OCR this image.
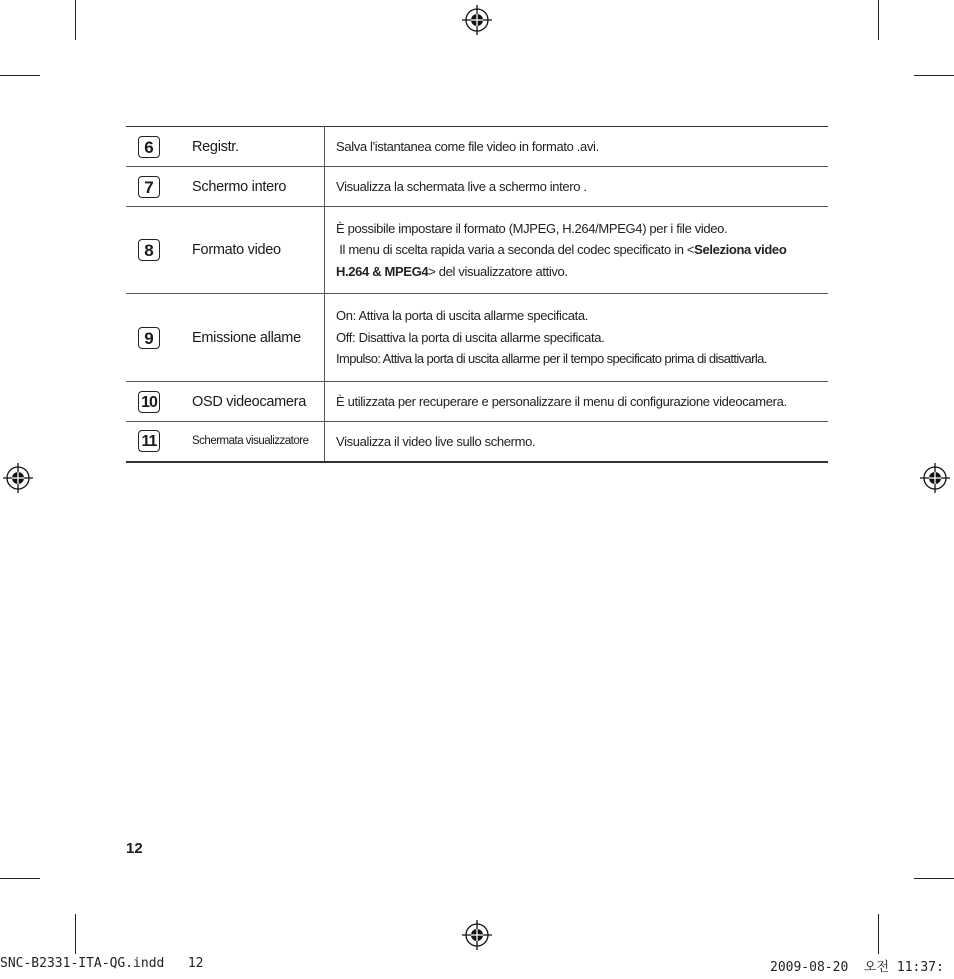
6	Registr.	Salva l'istantanea come file video in formato .avi.
7	Schermo intero	Visualizza la schermata live a schermo intero .
8	Formato video	È possibile impostare il formato (MJPEG, H.264/MPEG4) per i file video.
Il menu di scelta rapida varia a seconda del codec specificato in <Seleziona video
H.264 & MPEG4> del visualizzatore attivo.

9	Emissione allame	On: Attiva la porta di uscita allarme specificata.
Off: Disattiva la porta di uscita allarme specificata.
Impulso: Attiva la porta di uscita allarme per il tempo specificato prima di disattivarla.

10	OSD videocamera	È utilizzata per recuperare e personalizzare il menu di configurazione videocamera.
11	Schermata visualizzatore	Visualizza il video live sullo schermo.
12
SNC-B2331-ITA-QG.indd   12	2009-08-20  오전 11:37:
